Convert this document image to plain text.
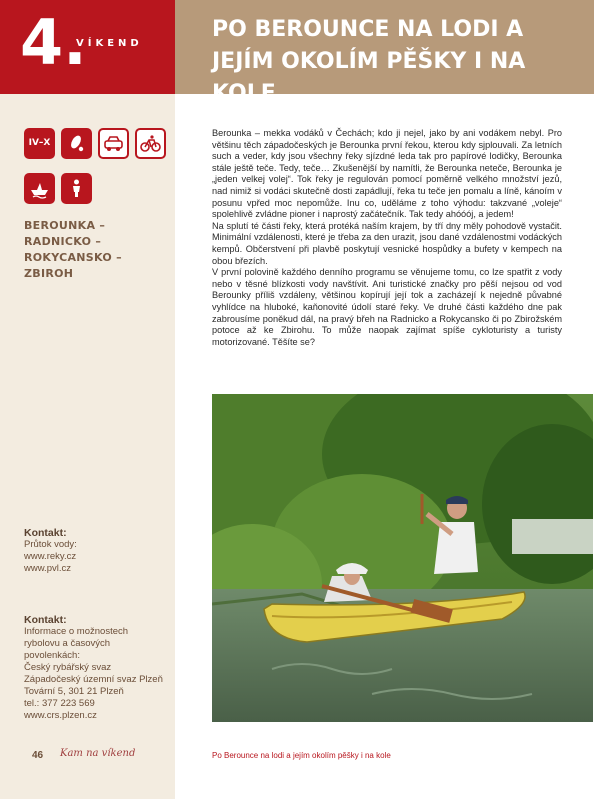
4.
VÍKEND
PO BEROUNCE NA LODI A JEJÍM OKOLÍM PĚŠKY I NA KOLE
IV–X
BEROUNKA – RADNICKO – ROKYCANSKO – ZBIROH
Kontakt:
Průtok vody:
www.reky.cz
www.pvl.cz
Kontakt:
Informace o možnostech
rybolovu a časových
povolenkách:
Český rybářský svaz
Západočeský územní svaz Plzeň
Tovární 5, 301 21 Plzeň
tel.: 377 223 569
www.crs.plzen.cz

Berounka – mekka vodáků v Čechách; kdo ji nejel, jako by ani vodákem nebyl. Pro většinu těch západočeských je Berounka první řekou, kterou kdy sjplouvali. Za letních such a veder, kdy jsou všechny řeky sjízdné leda tak pro papírové lodičky, Berounka stále ještě teče. Tedy, teče… Zkušenější by namítli, že Berounka neteče, Berounka je „jeden velkej volej“. Tok řeky je regulován pomocí poměrně velkého množství jezů, nad nimiž si vodáci skutečně dosti zapádlují, řeka tu teče jen pomalu a líně, kánoím v posunu vpřed moc nepomůže. Inu co, uděláme z toho výhodu: takzvané „voleje“ spolehlivě zvládne pioner i naprostý začátečník. Tak tedy ahóóój, a jedem!

Na splutí té části řeky, která protéká naším krajem, by tří dny měly pohodově vystačit. Minimální vzdálenosti, které je třeba za den urazit, jsou dané vzdálenostmi vodáckých kempů. Občerstvení při plavbě poskytují vesnické hospůdky a bufety v kempech na obou březích.

V první polovině každého denního programu se věnujeme tomu, co lze spatřit z vody nebo v těsné blízkosti vody navštívit. Ani turistické značky pro pěší nejsou od vod Berounky příliš vzdáleny, většinou kopírují její tok a zacházejí k nejedně půvabné vyhlídce na hluboké, kaňonovité údolí staré řeky. Ve druhé části každého dne pak zabrousíme poněkud dál, na pravý břeh na Radnicko a Rokycansko či po Zbirožském potoce až ke Zbirohu. To může naopak zajímat spíše cykloturisty a turisty motorizované. Těšíte se?

46 Kam na víkend	Po Berounce na lodi a jejím okolím pěšky i na kole
